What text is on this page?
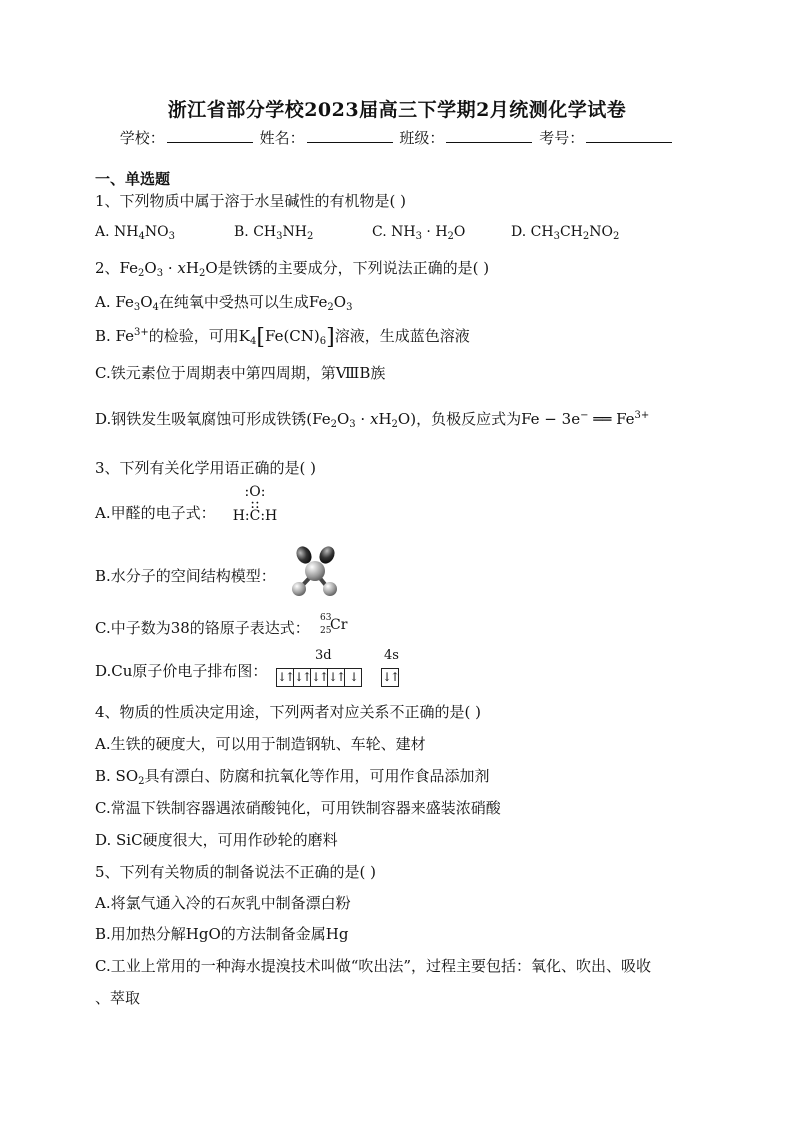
浙江省部分学校2023届高三下学期2月统测化学试卷
学校：	姓名：	班级：	考号：
一、单选题
1、下列物质中属于溶于水呈碱性的有机物是( )
A. $NH_4NO_3$	B. $CH_3NH_2$	C. $NH_3 \cdot H_2O$	D. $CH_3CH_2NO_2$
2、$Fe_2O_3 \cdot xH_2O$是铁锈的主要成分，下列说法正确的是( )
A. $Fe_3O_4$在纯氧中受热可以生成$Fe_2O_3$
B. $Fe^{3+}$的检验，可用$K_4[Fe(CN)_6]$溶液，生成蓝色溶液
C.铁元素位于周期表中第四周期，第ⅧB族
D.钢铁发生吸氧腐蚀可形成铁锈$(Fe_2O_3 \cdot xH_2O)$，负极反应式为Fe − 3e− ══ $Fe^{3+}$
3、下列有关化学用语正确的是( )
A.甲醛的电子式：
:O:
::
H:C:H
B.水分子的空间结构模型：
C.中子数为38的铬原子表达式：
63
25
Cr
D.Cu原子价电子排布图：
3d	4s
↓↑ ↓↑ ↓↑ ↓↑ ↓	↓↑
4、物质的性质决定用途，下列两者对应关系不正确的是( )
A.生铁的硬度大，可以用于制造钢轨、车轮、建材
B. $SO_2$具有漂白、防腐和抗氧化等作用，可用作食品添加剂
C.常温下铁制容器遇浓硝酸钝化，可用铁制容器来盛装浓硝酸
D. SiC硬度很大，可用作砂轮的磨料
5、下列有关物质的制备说法不正确的是( )
A.将氯气通入冷的石灰乳中制备漂白粉
B.用加热分解HgO的方法制备金属Hg
C.工业上常用的一种海水提溴技术叫做“吹出法”，过程主要包括：氧化、吹出、吸收
、萃取
